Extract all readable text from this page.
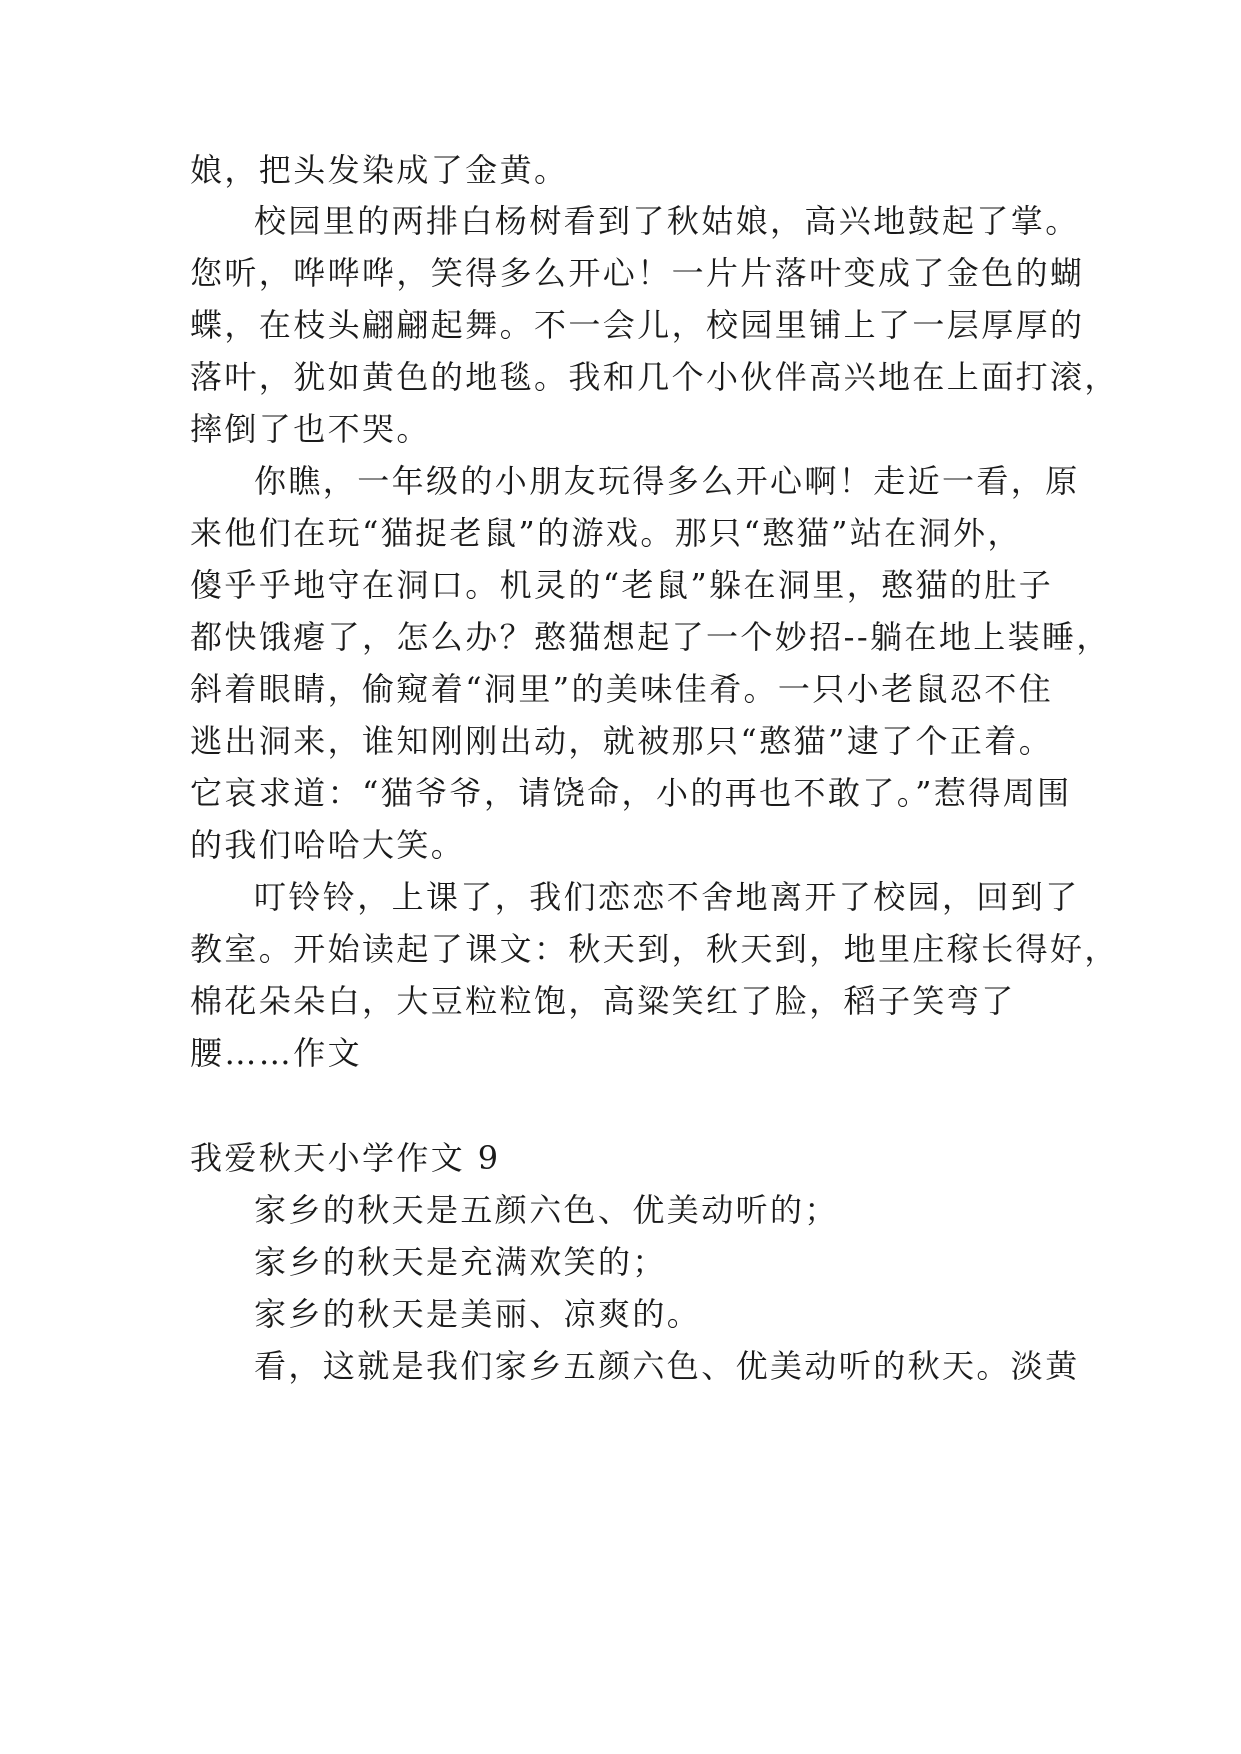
娘，把头发染成了金黄。
校园里的两排白杨树看到了秋姑娘，高兴地鼓起了掌。
您听，哗哗哗，笑得多么开心！一片片落叶变成了金色的蝴
蝶，在枝头翩翩起舞。不一会儿，校园里铺上了一层厚厚的
落叶，犹如黄色的地毯。我和几个小伙伴高兴地在上面打滚，
摔倒了也不哭。
你瞧，一年级的小朋友玩得多么开心啊！走近一看，原
来他们在玩“猫捉老鼠”的游戏。那只“憨猫”站在洞外，
傻乎乎地守在洞口。机灵的“老鼠”躲在洞里，憨猫的肚子
都快饿瘪了，怎么办？憨猫想起了一个妙招--躺在地上装睡，
斜着眼睛，偷窥着“洞里”的美味佳肴。一只小老鼠忍不住
逃出洞来，谁知刚刚出动，就被那只“憨猫”逮了个正着。
它哀求道：“猫爷爷，请饶命，小的再也不敢了。”惹得周围
的我们哈哈大笑。
叮铃铃，上课了，我们恋恋不舍地离开了校园，回到了
教室。开始读起了课文：秋天到，秋天到，地里庄稼长得好，
棉花朵朵白，大豆粒粒饱，高粱笑红了脸，稻子笑弯了
腰……作文
我爱秋天小学作文 9
家乡的秋天是五颜六色、优美动听的；
家乡的秋天是充满欢笑的；
家乡的秋天是美丽、凉爽的。
看，这就是我们家乡五颜六色、优美动听的秋天。淡黄
